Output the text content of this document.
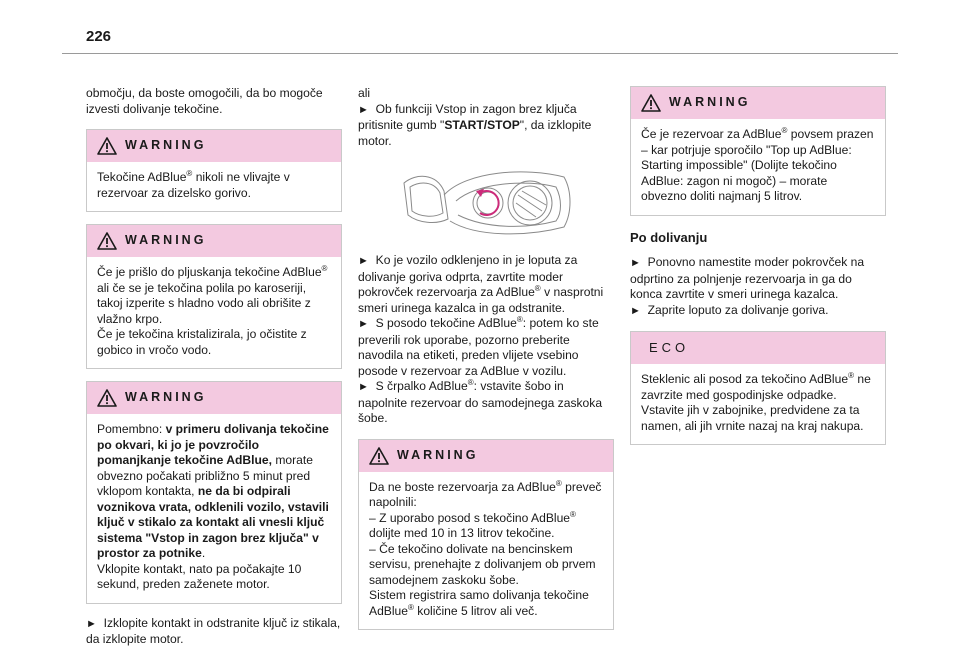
226

območju, da boste omogočili, da bo mogoče izvesti dolivanje tekočine.

WARNING

Tekočine AdBlue® nikoli ne vlivajte v rezervoar za dizelsko gorivo.

WARNING

Če je prišlo do pljuskanja tekočine AdBlue® ali če se je tekočina polila po karoseriji, takoj izperite s hladno vodo ali obrišite z vlažno krpo.

Če je tekočina kristalizirala, jo očistite z gobico in vročo vodo.

WARNING

Pomembno: v primeru dolivanja tekočine po okvari, ki jo je povzročilo pomanjkanje tekočine AdBlue, morate obvezno počakati približno 5 minut pred vklopom kontakta, ne da bi odpirali voznikova vrata, odklenili vozilo, vstavili ključ v stikalo za kontakt ali vnesli ključ sistema "Vstop in zagon brez ključa" v prostor za potnike.

Vklopite kontakt, nato pa počakajte 10 sekund, preden zaženete motor.

► Izklopite kontakt in odstranite ključ iz stikala, da izklopite motor.

ali

► Ob funkciji Vstop in zagon brez ključa pritisnite gumb "START/STOP", da izklopite motor.

► Ko je vozilo odklenjeno in je loputa za dolivanje goriva odprta, zavrtite moder pokrovček rezervoarja za AdBlue® v nasprotni smeri urinega kazalca in ga odstranite.

► S posodo tekočine AdBlue®: potem ko ste preverili rok uporabe, pozorno preberite navodila na etiketi, preden vlijete vsebino posode v rezervoar za AdBlue v vozilu.

► S črpalko AdBlue®: vstavite šobo in napolnite rezervoar do samodejnega zaskoka šobe.

WARNING

Da ne boste rezervoarja za AdBlue® preveč napolnili:

– Z uporabo posod s tekočino AdBlue® dolijte med 10 in 13 litrov tekočine.

– Če tekočino dolivate na bencinskem servisu, prenehajte z dolivanjem ob prvem samodejnem zaskoku šobe.

Sistem registrira samo dolivanja tekočine AdBlue® količine 5 litrov ali več.

WARNING

Če je rezervoar za AdBlue® povsem prazen – kar potrjuje sporočilo "Top up AdBlue: Starting impossible" (Dolijte tekočino AdBlue: zagon ni mogoč) – morate obvezno doliti najmanj 5 litrov.

Po dolivanju

► Ponovno namestite moder pokrovček na odprtino za polnjenje rezervoarja in ga do konca zavrtite v smeri urinega kazalca.

► Zaprite loputo za dolivanje goriva.

ECO

Steklenic ali posod za tekočino AdBlue® ne zavrzite med gospodinjske odpadke.

Vstavite jih v zabojnike, predvidene za ta namen, ali jih vrnite nazaj na kraj nakupa.
